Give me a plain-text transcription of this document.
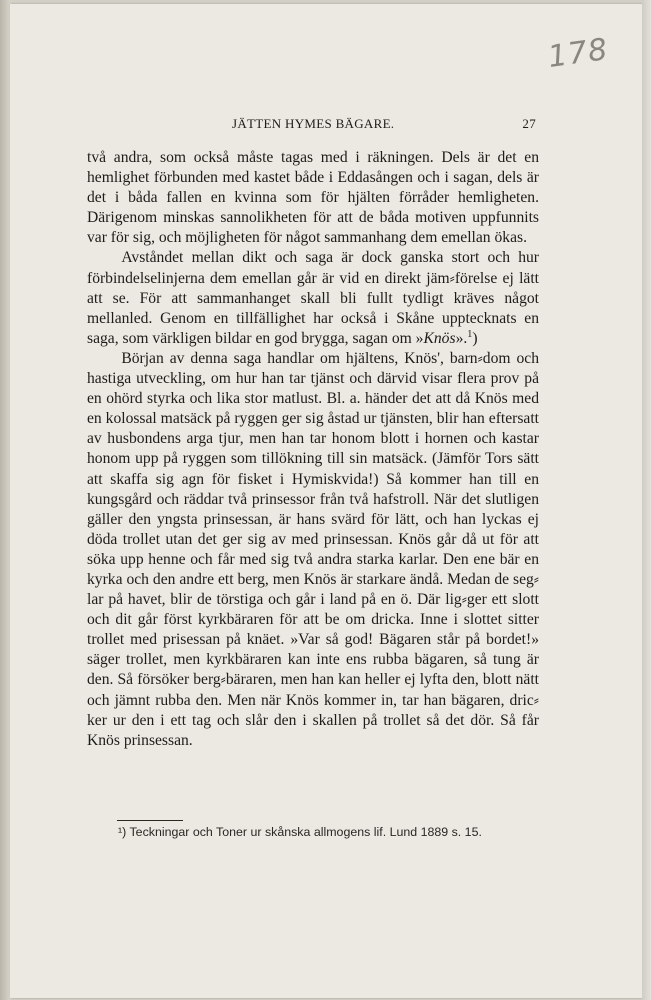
178
JÄTTEN HYMES BÄGARE.	27

två andra, som också måste tagas med i räkningen. Dels är det en hemlighet förbunden med kastet både i Eddasången och i sagan, dels är det i båda fallen en kvinna som för hjälten förråder hemligheten. Därigenom minskas sannolikheten för att de båda motiven uppfunnits var för sig, och möjligheten för något sammanhang dem emellan ökas.

Avståndet mellan dikt och saga är dock ganska stort och hur förbindelselinjerna dem emellan går är vid en direkt jäm⸗förelse ej lätt att se. För att sammanhanget skall bli fullt tydligt kräves något mellanled. Genom en tillfällighet har också i Skåne upptecknats en saga, som värkligen bildar en god brygga, sagan om »Knös».$^1$)

Början av denna saga handlar om hjältens, Knös', barn⸗dom och hastiga utveckling, om hur han tar tjänst och därvid visar flera prov på en ohörd styrka och lika stor matlust. Bl. a. händer det att då Knös med en kolossal matsäck på ryggen ger sig åstad ur tjänsten, blir han eftersatt av husbondens arga tjur, men han tar honom blott i hornen och kastar honom upp på ryggen som tillökning till sin matsäck. (Jämför Tors sätt att skaffa sig agn för fisket i Hymiskvida!) Så kommer han till en kungsgård och räddar två prinsessor från två hafstroll. När det slutligen gäller den yngsta prinsessan, är hans svärd för lätt, och han lyckas ej döda trollet utan det ger sig av med prinsessan. Knös går då ut för att söka upp henne och får med sig två andra starka karlar. Den ene bär en kyrka och den andre ett berg, men Knös är starkare ändå. Medan de seg⸗lar på havet, blir de törstiga och går i land på en ö. Där lig⸗ger ett slott och dit går först kyrkbäraren för att be om dricka. Inne i slottet sitter trollet med prisessan på knäet. »Var så god! Bägaren står på bordet!» säger trollet, men kyrkbäraren kan inte ens rubba bägaren, så tung är den. Så försöker berg⸗bäraren, men han kan heller ej lyfta den, blott nätt och jämnt rubba den. Men när Knös kommer in, tar han bägaren, dric⸗ker ur den i ett tag och slår den i skallen på trollet så det dör. Så får Knös prinsessan.

¹) Teckningar och Toner ur skånska allmogens lif. Lund 1889 s. 15.
